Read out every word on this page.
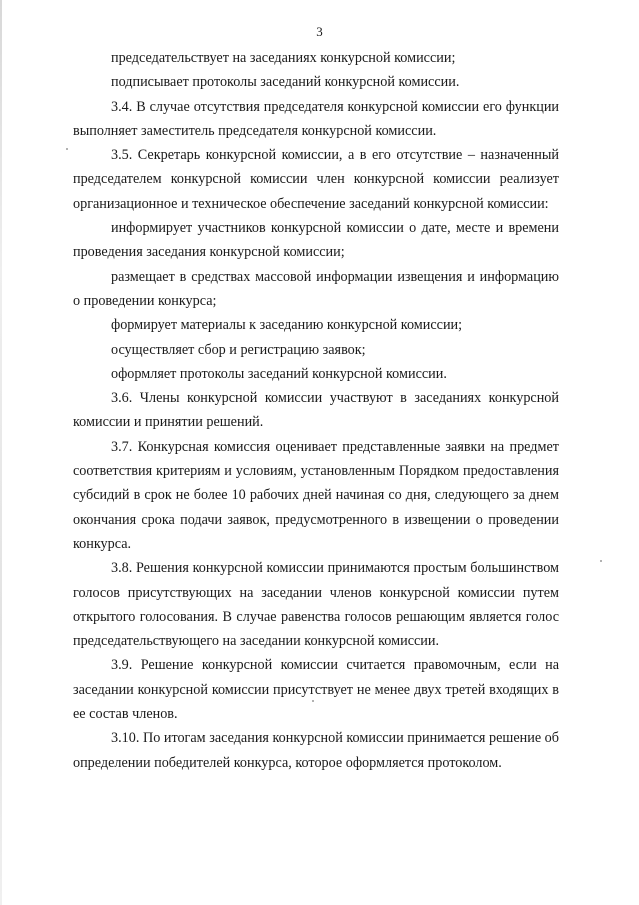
3

председательствует на заседаниях конкурсной комиссии;

подписывает протоколы заседаний конкурсной комиссии.

3.4. В случае отсутствия председателя конкурсной комиссии его функции выполняет заместитель председателя конкурсной комиссии.

3.5. Секретарь конкурсной комиссии, а в его отсутствие – назначенный председателем конкурсной комиссии член конкурсной комиссии реализует организационное и техническое обеспечение заседаний конкурсной комиссии:

информирует участников конкурсной комиссии о дате, месте и времени проведения заседания конкурсной комиссии;

размещает в средствах массовой информации извещения и информацию о проведении конкурса;

формирует материалы к заседанию конкурсной комиссии;

осуществляет сбор и регистрацию заявок;

оформляет протоколы заседаний конкурсной комиссии.

3.6. Члены конкурсной комиссии участвуют в заседаниях конкурсной комиссии и принятии решений.

3.7. Конкурсная комиссия оценивает представленные заявки на предмет соответствия критериям и условиям, установленным Порядком предоставления субсидий в срок не более 10 рабочих дней начиная со дня, следующего за днем окончания срока подачи заявок, предусмотренного в извещении о проведении конкурса.

3.8. Решения конкурсной комиссии принимаются простым большинством голосов присутствующих на заседании членов конкурсной комиссии путем открытого голосования. В случае равенства голосов решающим является голос председательствующего на заседании конкурсной комиссии.

3.9. Решение конкурсной комиссии считается правомочным, если на заседании конкурсной комиссии присутствует не менее двух третей входящих в ее состав членов.

3.10. По итогам заседания конкурсной комиссии принимается решение об определении победителей конкурса, которое оформляется протоколом.
